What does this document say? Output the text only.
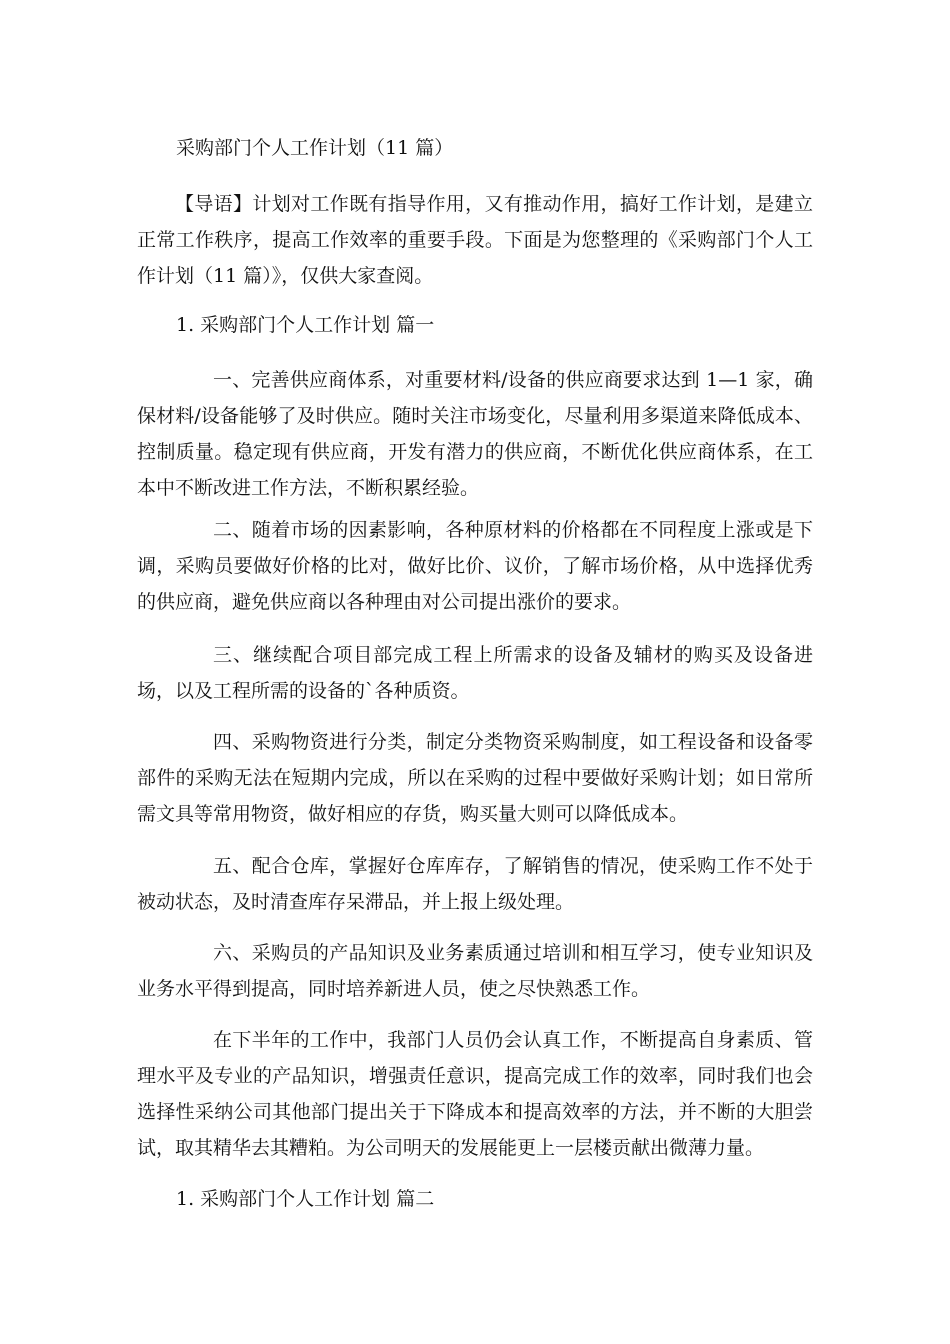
采购部门个人工作计划（11 篇）

【导语】计划对工作既有指导作用，又有推动作用，搞好工作计划，是建立正常工作秩序，提高工作效率的重要手段。下面是为您整理的《采购部门个人工作计划（11 篇）》，仅供大家查阅。

1. 采购部门个人工作计划 篇一

一、完善供应商体系，对重要材料/设备的供应商要求达到 1—1 家，确保材料/设备能够了及时供应。随时关注市场变化，尽量利用多渠道来降低成本、控制质量。稳定现有供应商，开发有潜力的供应商，不断优化供应商体系，在工本中不断改进工作方法，不断积累经验。

二、随着市场的因素影响，各种原材料的价格都在不同程度上涨或是下调，采购员要做好价格的比对，做好比价、议价，了解市场价格，从中选择优秀的供应商，避免供应商以各种理由对公司提出涨价的要求。

三、继续配合项目部完成工程上所需求的设备及辅材的购买及设备进场，以及工程所需的设备的`各种质资。

四、采购物资进行分类，制定分类物资采购制度，如工程设备和设备零部件的采购无法在短期内完成，所以在采购的过程中要做好采购计划；如日常所需文具等常用物资，做好相应的存货，购买量大则可以降低成本。

五、配合仓库，掌握好仓库库存，了解销售的情况，使采购工作不处于被动状态，及时清查库存呆滞品，并上报上级处理。

六、采购员的产品知识及业务素质通过培训和相互学习，使专业知识及业务水平得到提高，同时培养新进人员，使之尽快熟悉工作。

在下半年的工作中，我部门人员仍会认真工作，不断提高自身素质、管理水平及专业的产品知识，增强责任意识，提高完成工作的效率，同时我们也会选择性采纳公司其他部门提出关于下降成本和提高效率的方法，并不断的大胆尝试，取其精华去其糟粕。为公司明天的发展能更上一层楼贡献出微薄力量。

1. 采购部门个人工作计划 篇二
